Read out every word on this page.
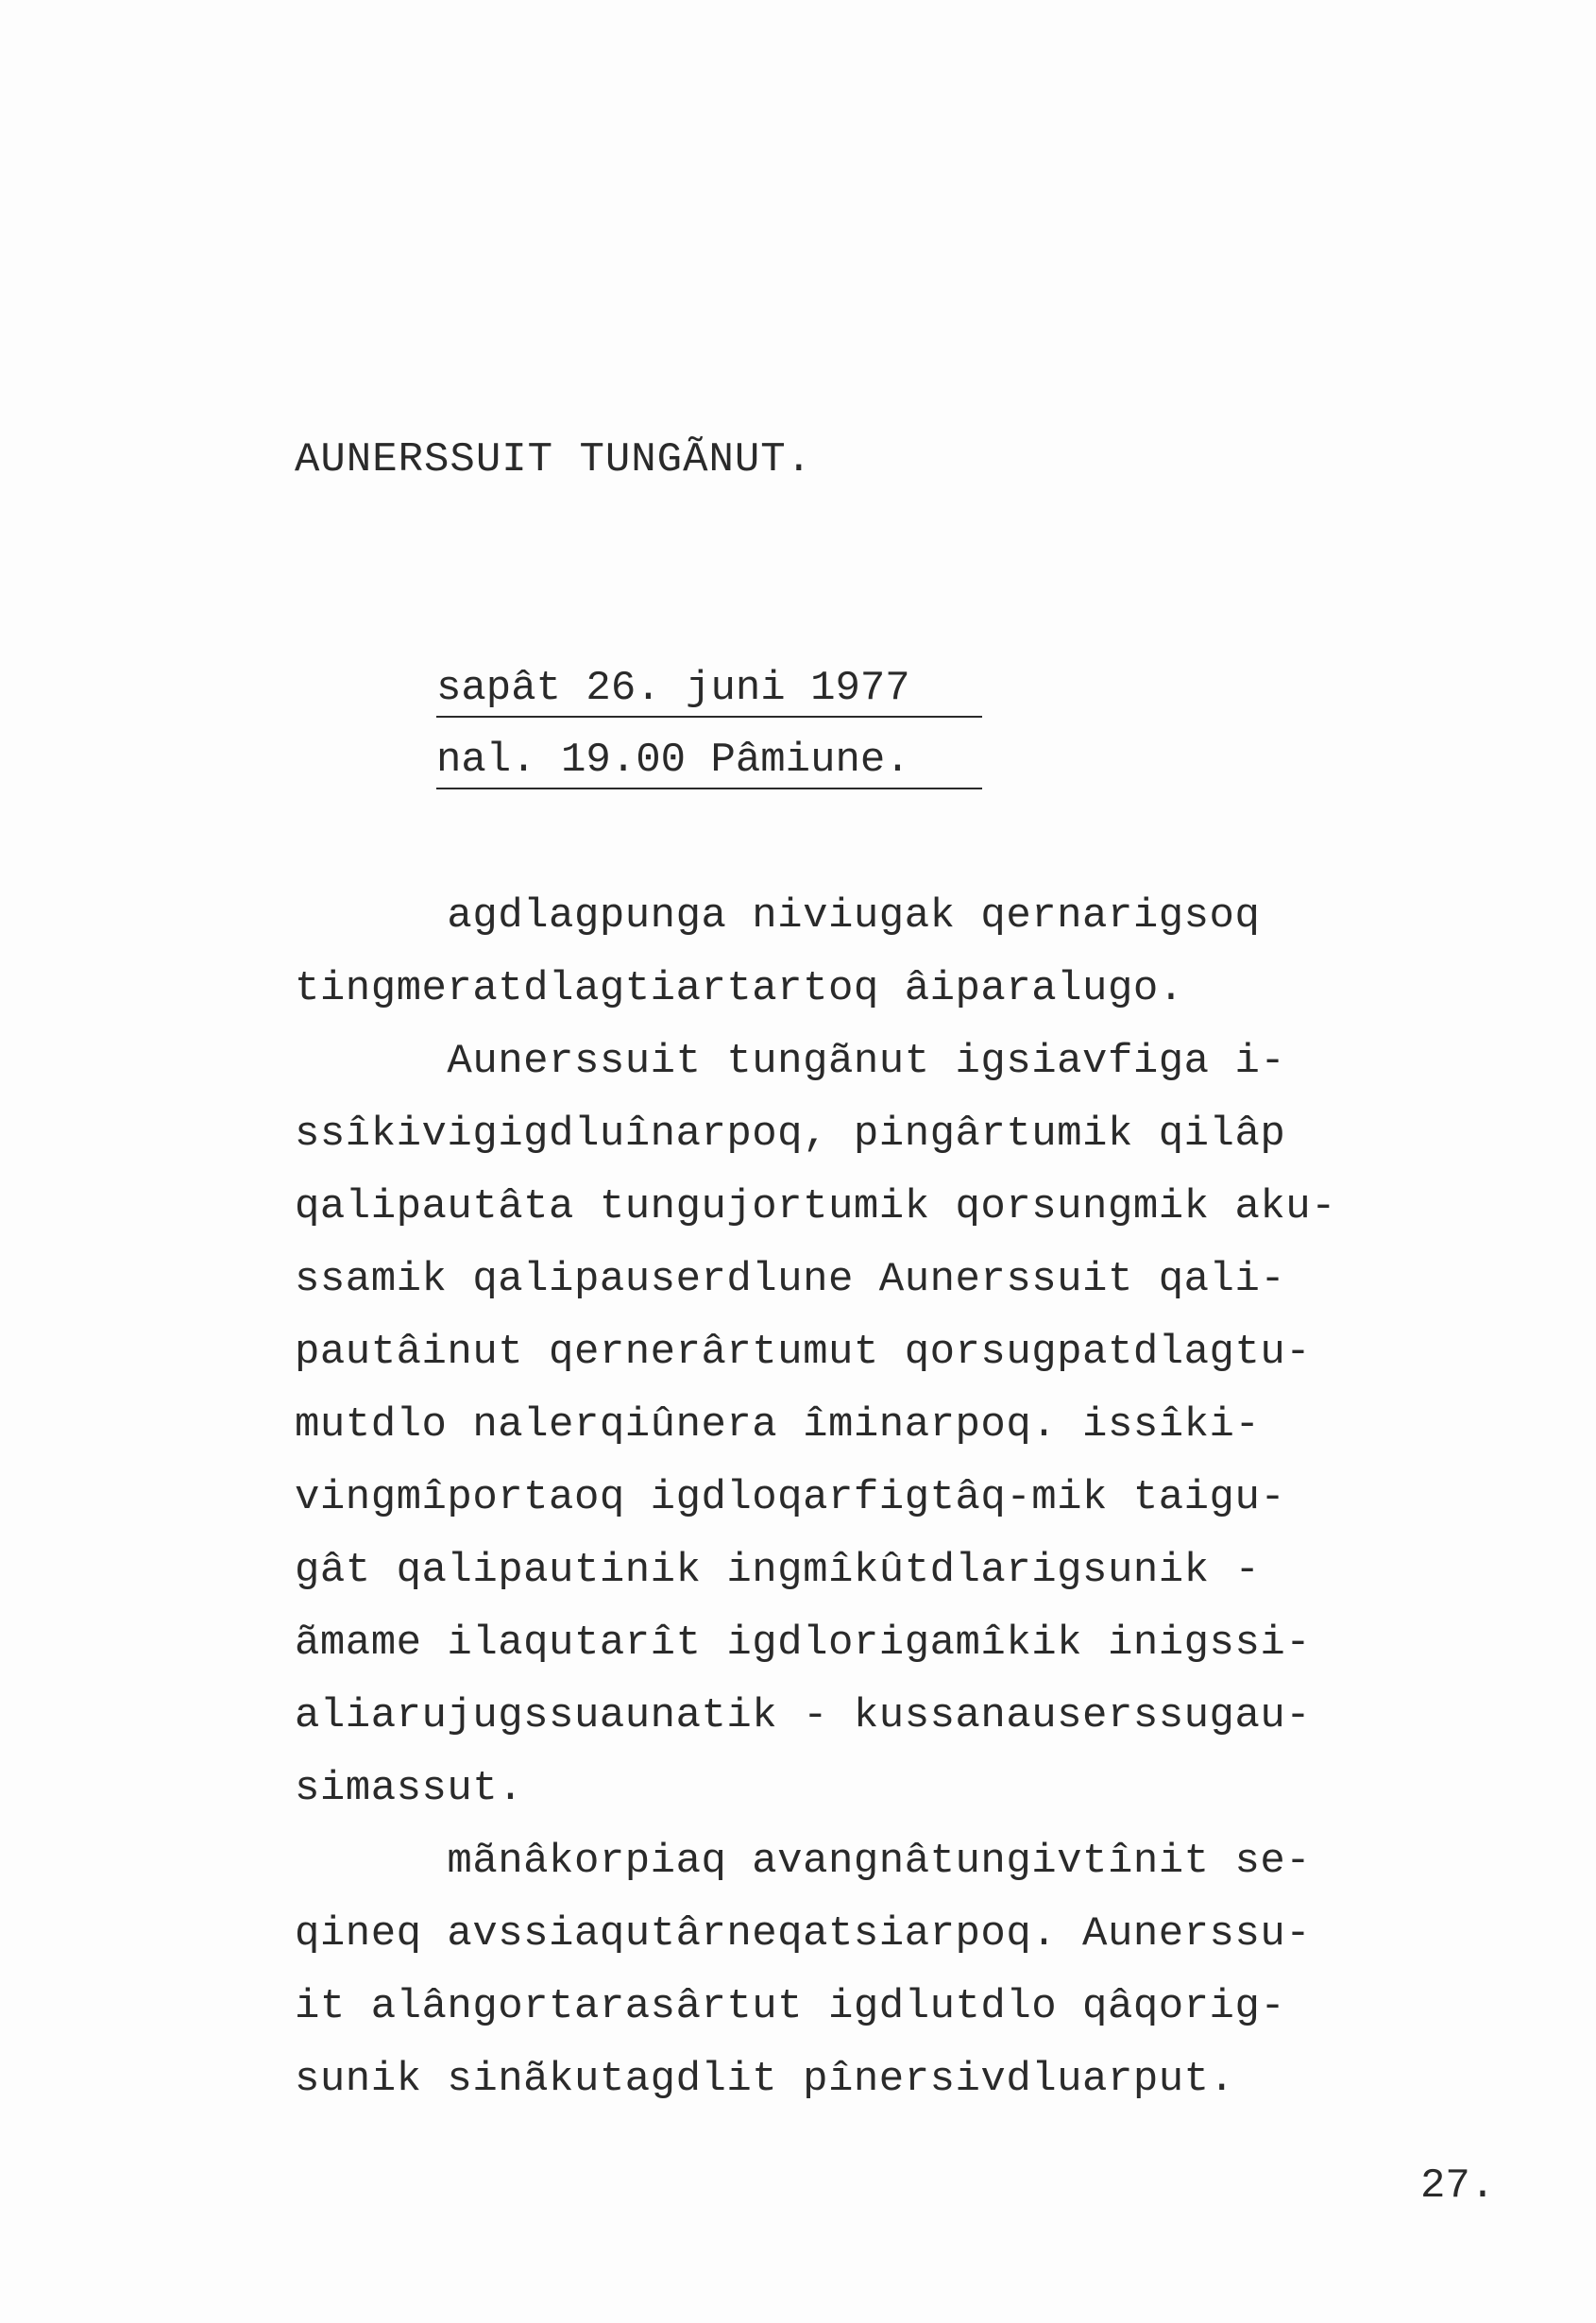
AUNERSSUIT TUNGÃNUT.
sapât 26. juni 1977
nal. 19.00 Pâmiune.
agdlagpunga niviugak qernarigsoq
tingmeratdlagtiartartoq âiparalugo.
Aunerssuit tungãnut igsiavfiga i-
ssîkivigigdluînarpoq, pingârtumik qilâp
qalipautâta tungujortumik qorsungmik aku-
ssamik qalipauserdlune Aunerssuit qali-
pautâinut qernerârtumut qorsugpatdlagtu-
mutdlo nalerqiûnera îminarpoq. issîki-
vingmîportaoq igdloqarfigtâq-mik taigu-
gât qalipautinik ingmîkûtdlarigsunik -
ãmame ilaqutarît igdlorigamîkik inigssi-
aliarujugssuaunatik - kussanauserssugau-
simassut.
mãnâkorpiaq avangnâtungivtînit se-
qineq avssiaqutârneqatsiarpoq. Aunerssu-
it alângortarasârtut igdlutdlo qâqorig-
sunik sinãkutagdlit pînersivdluarput.
27.
